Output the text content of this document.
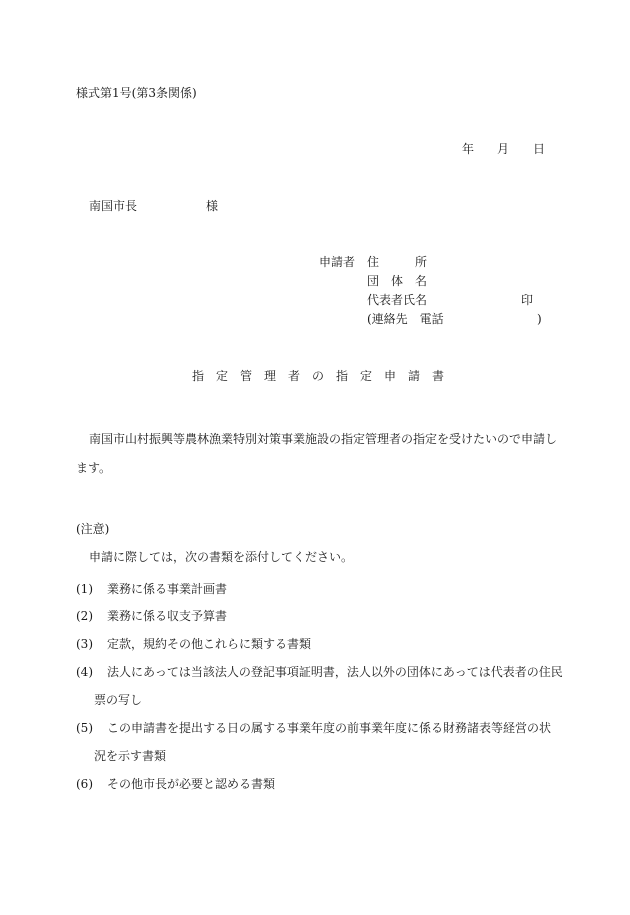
様式第1号(第3条関係)
年 月 日
南国市長	様
申請者 住　　　所
団　体　名
代表者氏名	印
(連絡先　電話	)
指　定　管　理　者　の　指　定　申　請　書
南国市山村振興等農林漁業特別対策事業施設の指定管理者の指定を受けたいので申請し
ます。
(注意)
申請に際しては，次の書類を添付してください。
(1) 業務に係る事業計画書
(2) 業務に係る収支予算書
(3) 定款，規約その他これらに類する書類
(4) 法人にあっては当該法人の登記事項証明書，法人以外の団体にあっては代表者の住民
票の写し
(5) この申請書を提出する日の属する事業年度の前事業年度に係る財務諸表等経営の状
況を示す書類
(6) その他市長が必要と認める書類
